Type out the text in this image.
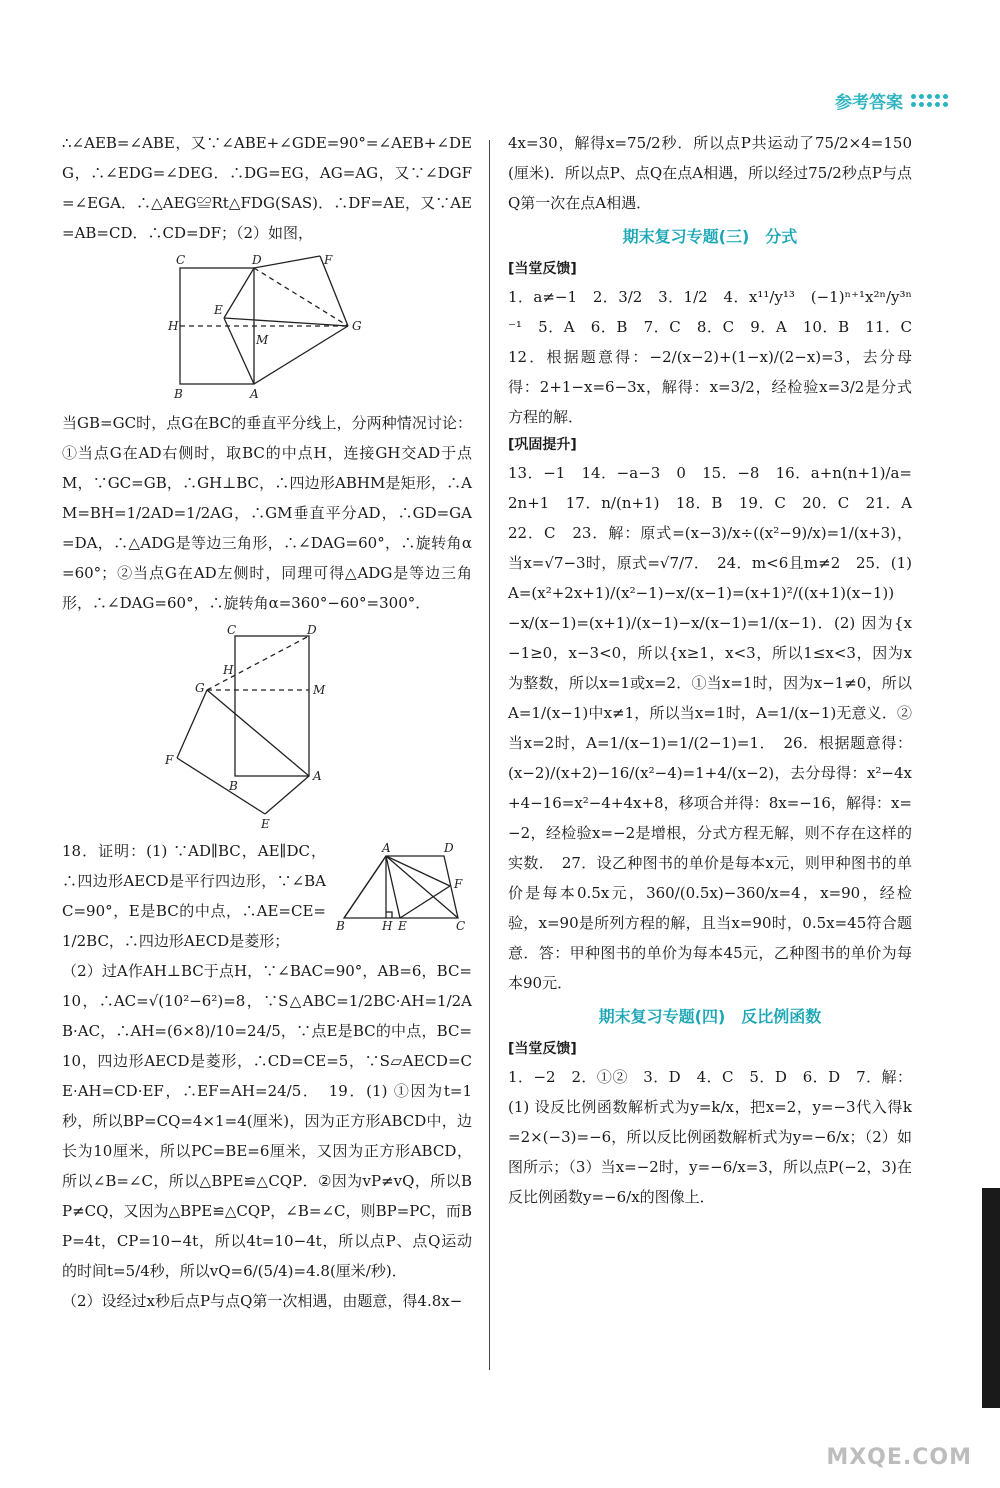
参考答案

∴∠AEB=∠ABE，又∵∠ABE+∠GDE=90°=∠AEB+∠DEG，∴∠EDG=∠DEG．∴DG=EG，AG=AG，又∵∠DGF=∠EGA．∴△AEG≌Rt△FDG(SAS)．∴DF=AE，又∵AE=AB=CD．∴CD=DF；（2）如图，

C	D	F
E
H
M
G
B	A

当GB=GC时，点G在BC的垂直平分线上，分两种情况讨论：①当点G在AD右侧时，取BC的中点H，连接GH交AD于点M，∵GC=GB，∴GH⊥BC，∴四边形ABHM是矩形，∴AM=BH=1/2AD=1/2AG，∴GM垂直平分AD，∴GD=GA=DA，∴△ADG是等边三角形，∴∠DAG=60°，∴旋转角α=60°；②当点G在AD左侧时，同理可得△ADG是等边三角形，∴∠DAG=60°，∴旋转角α=360°−60°=300°．

C	D
H
G	M
B
A
F
E

18．证明：(1) ∵AD∥BC，AE∥DC，∴四边形AECD是平行四边形，∵∠BAC=90°，E是BC的中点，∴AE=CE=1/2BC，∴四边形AECD是菱形；

A	D
F
B	H E	C

（2）过A作AH⊥BC于点H，∵∠BAC=90°，AB=6，BC=10，∴AC=√(10²−6²)=8，∵S△ABC=1/2BC·AH=1/2AB·AC，∴AH=(6×8)/10=24/5，∵点E是BC的中点，BC=10，四边形AECD是菱形，∴CD=CE=5，∵S▱AECD=CE·AH=CD·EF，∴EF=AH=24/5．　19．(1) ①因为t=1秒，所以BP=CQ=4×1=4(厘米)，因为正方形ABCD中，边长为10厘米，所以PC=BE=6厘米，又因为正方形ABCD，所以∠B=∠C，所以△BPE≌△CQP．②因为vP≠vQ，所以BP≠CQ，又因为△BPE≌△CQP，∠B=∠C，则BP=PC，而BP=4t，CP=10−4t，所以4t=10−4t，所以点P、点Q运动的时间t=5/4秒，所以vQ=6/(5/4)=4.8(厘米/秒)．

（2）设经过x秒后点P与点Q第一次相遇，由题意，得4.8x−

4x=30，解得x=75/2秒．所以点P共运动了75/2×4=150(厘米)．所以点P、点Q在点A相遇，所以经过75/2秒点P与点Q第一次在点A相遇．

期末复习专题(三)　分式
[当堂反馈]

1．a≠−1　2．3/2　3．1/2　4．x¹¹/y¹³　(−1)ⁿ⁺¹x²ⁿ/y³ⁿ⁻¹　5．A　6．B　7．C　8．C　9．A　10．B　11．C　12．根据题意得：−2/(x−2)+(1−x)/(2−x)=3，去分母得：2+1−x=6−3x，解得：x=3/2，经检验x=3/2是分式方程的解．

[巩固提升]

13．−1　14．−a−3　0　15．−8　16．a+n(n+1)/a=2n+1　17．n/(n+1)　18．B　19．C　20．C　21．A　22．C　23．解：原式=(x−3)/x÷((x²−9)/x)=1/(x+3)，当x=√7−3时，原式=√7/7．　24．m<6且m≠2　25．(1) A=(x²+2x+1)/(x²−1)−x/(x−1)=(x+1)²/((x+1)(x−1))−x/(x−1)=(x+1)/(x−1)−x/(x−1)=1/(x−1)．(2) 因为{x−1≥0，x−3<0，所以{x≥1，x<3，所以1≤x<3，因为x为整数，所以x=1或x=2．①当x=1时，因为x−1≠0，所以A=1/(x−1)中x≠1，所以当x=1时，A=1/(x−1)无意义．②当x=2时，A=1/(x−1)=1/(2−1)=1．　26．根据题意得：(x−2)/(x+2)−16/(x²−4)=1+4/(x−2)，去分母得：x²−4x+4−16=x²−4+4x+8，移项合并得：8x=−16，解得：x=−2，经检验x=−2是增根，分式方程无解，则不存在这样的实数．　27．设乙种图书的单价是每本x元，则甲种图书的单价是每本0.5x元，360/(0.5x)−360/x=4，x=90，经检验，x=90是所列方程的解，且当x=90时，0.5x=45符合题意．答：甲种图书的单价为每本45元，乙种图书的单价为每本90元．

期末复习专题(四)　反比例函数
[当堂反馈]

1．−2　2．①②　3．D　4．C　5．D　6．D　7．解：(1) 设反比例函数解析式为y=k/x，把x=2，y=−3代入得k=2×(−3)=−6，所以反比例函数解析式为y=−6/x；（2）如图所示；（3）当x=−2时，y=−6/x=3，所以点P(−2，3)在反比例函数y=−6/x的图像上．

MXQE.COM
